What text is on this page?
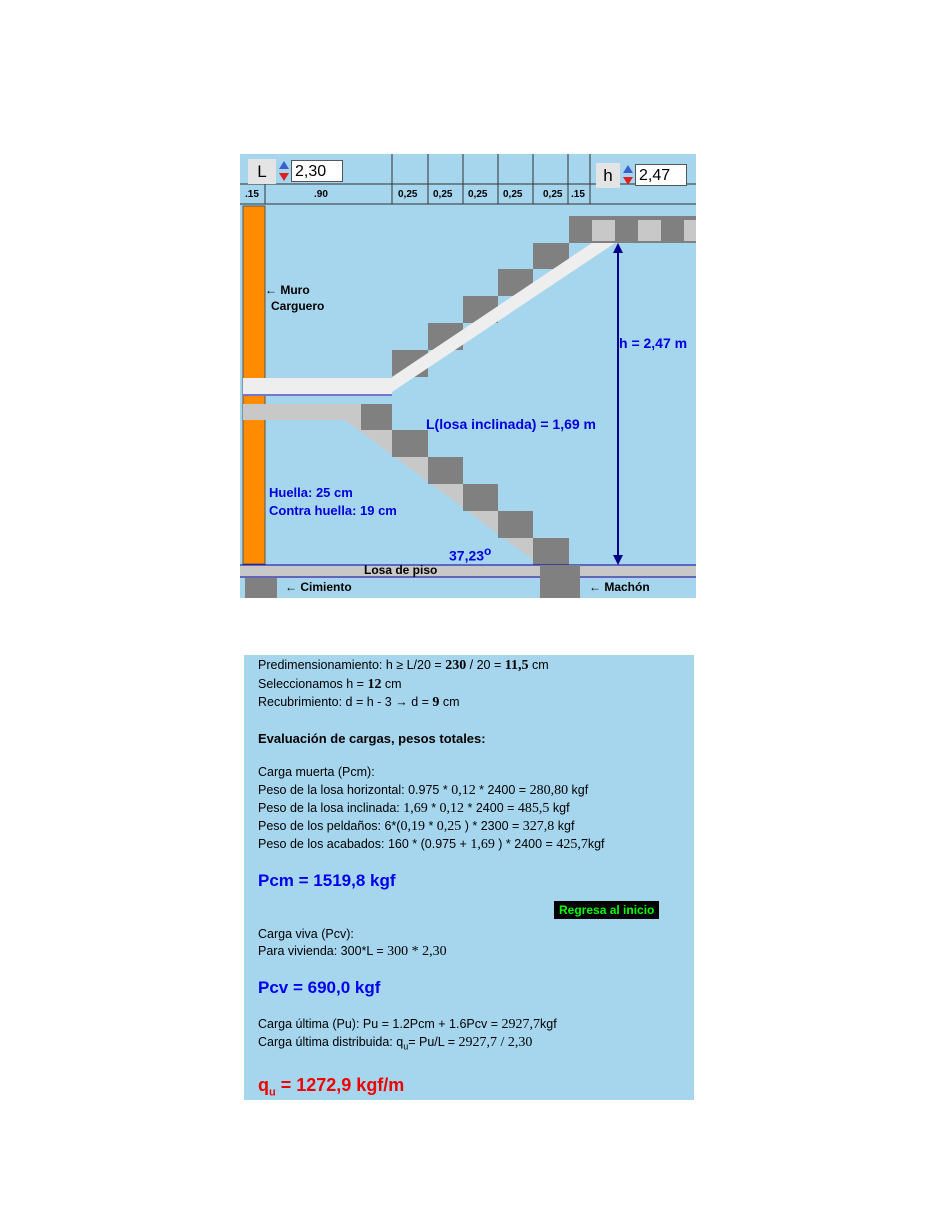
L	2,30	h	2,47
.15	.90	0,25 0,25 0,25 0,25 0,25 .15
← Muro
Carguero
h = 2,47 m
L(losa inclinada) = 1,69 m
Huella: 25 cm
Contra huella: 19 cm
37,23$^o$
Losa de piso
← Cimiento	← Machón
Predimensionamiento: h ≥ L/20 = 230 / 20 = 11,5 cm
Seleccionamos h = 12 cm
Recubrimiento: d = h - 3 → d = 9 cm
Evaluación de cargas, pesos totales:
Carga muerta (Pcm):
Peso de la losa horizontal: 0.975 * 0,12 * 2400 = 280,80 kgf
Peso de la losa inclinada: 1,69 * 0,12 * 2400 = 485,5 kgf
Peso de los peldaños: 6*(0,19 * 0,25 ) * 2300 = 327,8 kgf
Peso de los acabados: 160 * (0.975 + 1,69 ) * 2400 = 425,7kgf
Pcm = 1519,8 kgf
Regresa al inicio
Carga viva (Pcv):
Para vivienda: 300*L = 300 * 2,30
Pcv = 690,0 kgf
Carga última (Pu): Pu = 1.2Pcm + 1.6Pcv = 2927,7kgf
Carga última distribuida: $q_u= Pu/L = 2927,7 / 2,30$
$q_u = 1272,9$ kgf/m
